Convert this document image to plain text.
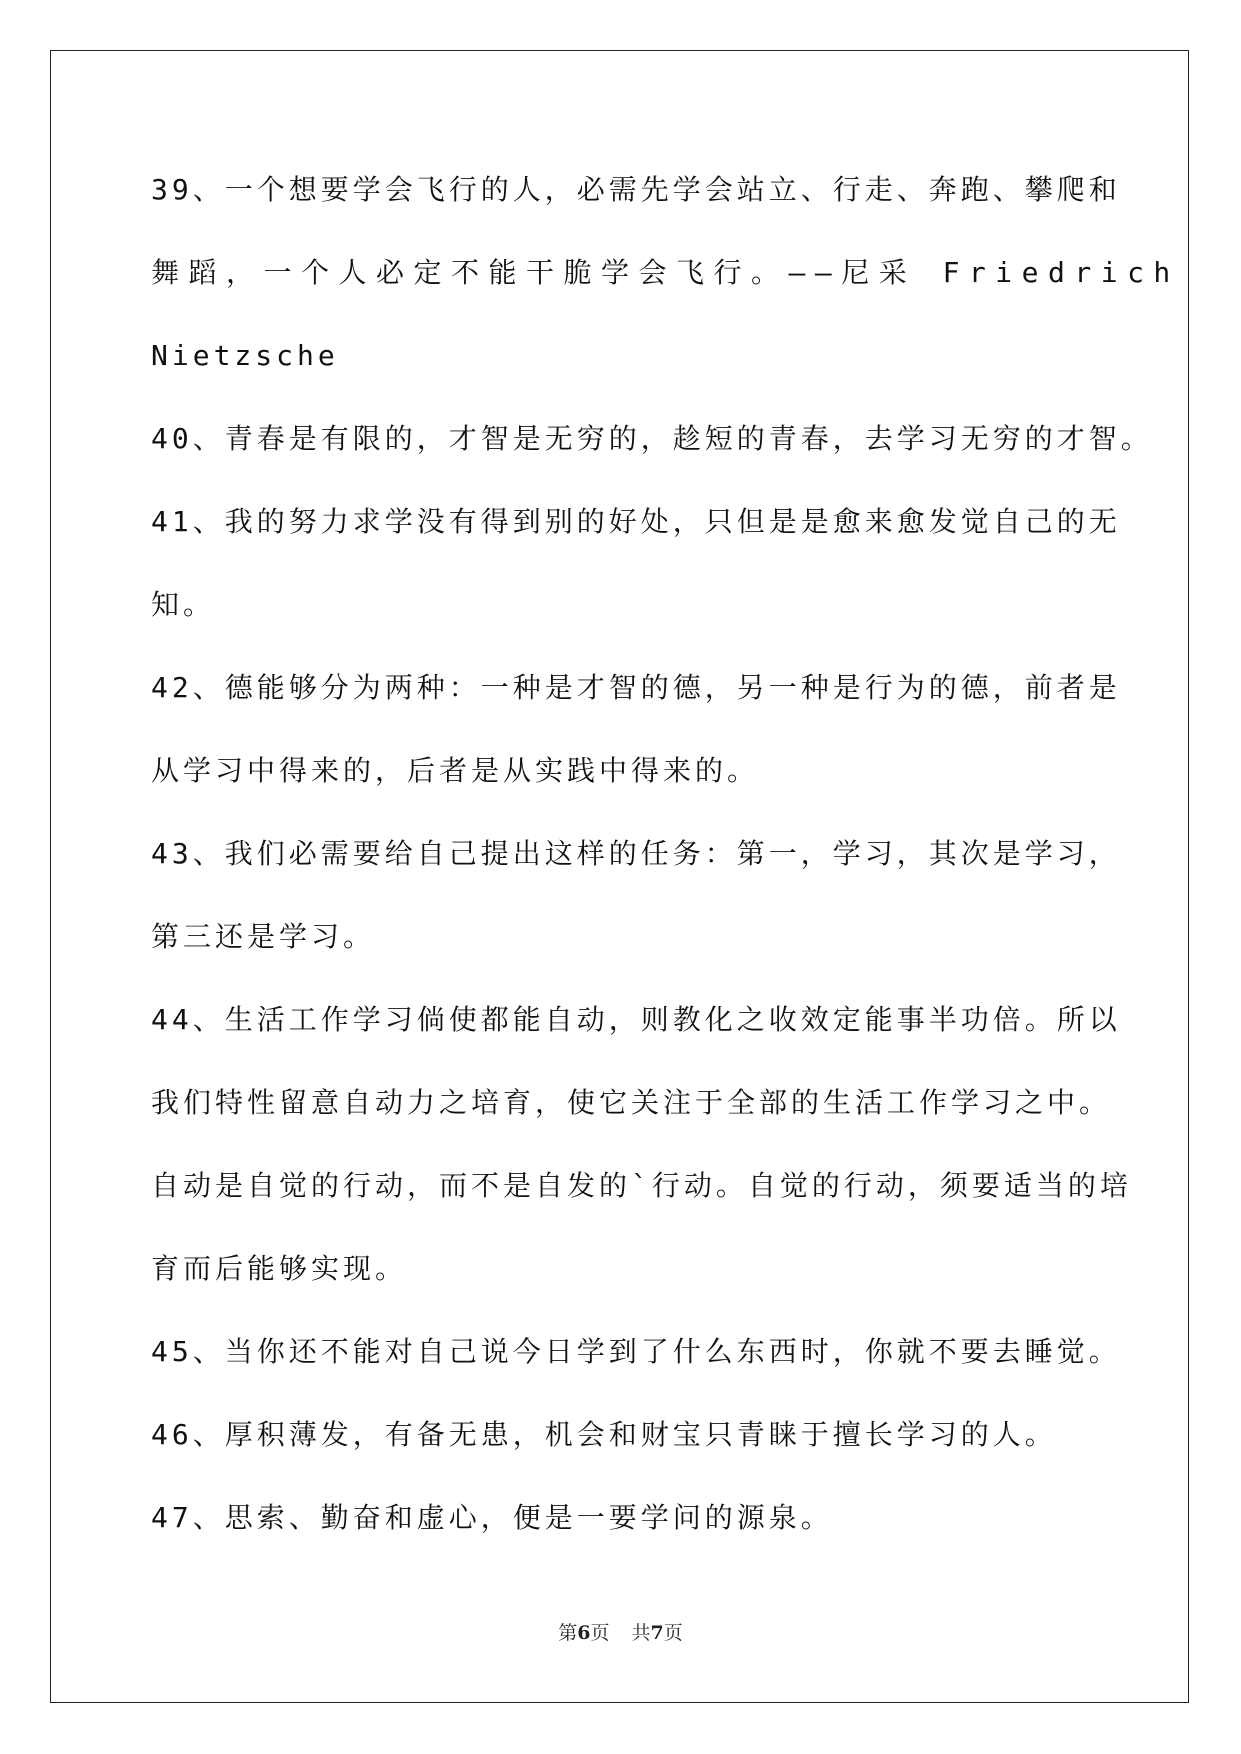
39、一个想要学会飞行的人，必需先学会站立、行走、奔跑、攀爬和
舞蹈，一个人必定不能干脆学会飞行。——尼采 Friedrich
Nietzsche
40、青春是有限的，才智是无穷的，趁短的青春，去学习无穷的才智。
41、我的努力求学没有得到别的好处，只但是是愈来愈发觉自己的无
知。
42、德能够分为两种：一种是才智的德，另一种是行为的德，前者是
从学习中得来的，后者是从实践中得来的。
43、我们必需要给自己提出这样的任务：第一，学习，其次是学习，
第三还是学习。
44、生活工作学习倘使都能自动，则教化之收效定能事半功倍。所以
我们特性留意自动力之培育，使它关注于全部的生活工作学习之中。
自动是自觉的行动，而不是自发的`行动。自觉的行动，须要适当的培
育而后能够实现。
45、当你还不能对自己说今日学到了什么东西时，你就不要去睡觉。
46、厚积薄发，有备无患，机会和财宝只青睐于擅长学习的人。
47、思索、勤奋和虚心，便是一要学问的源泉。
第6页 共7页
